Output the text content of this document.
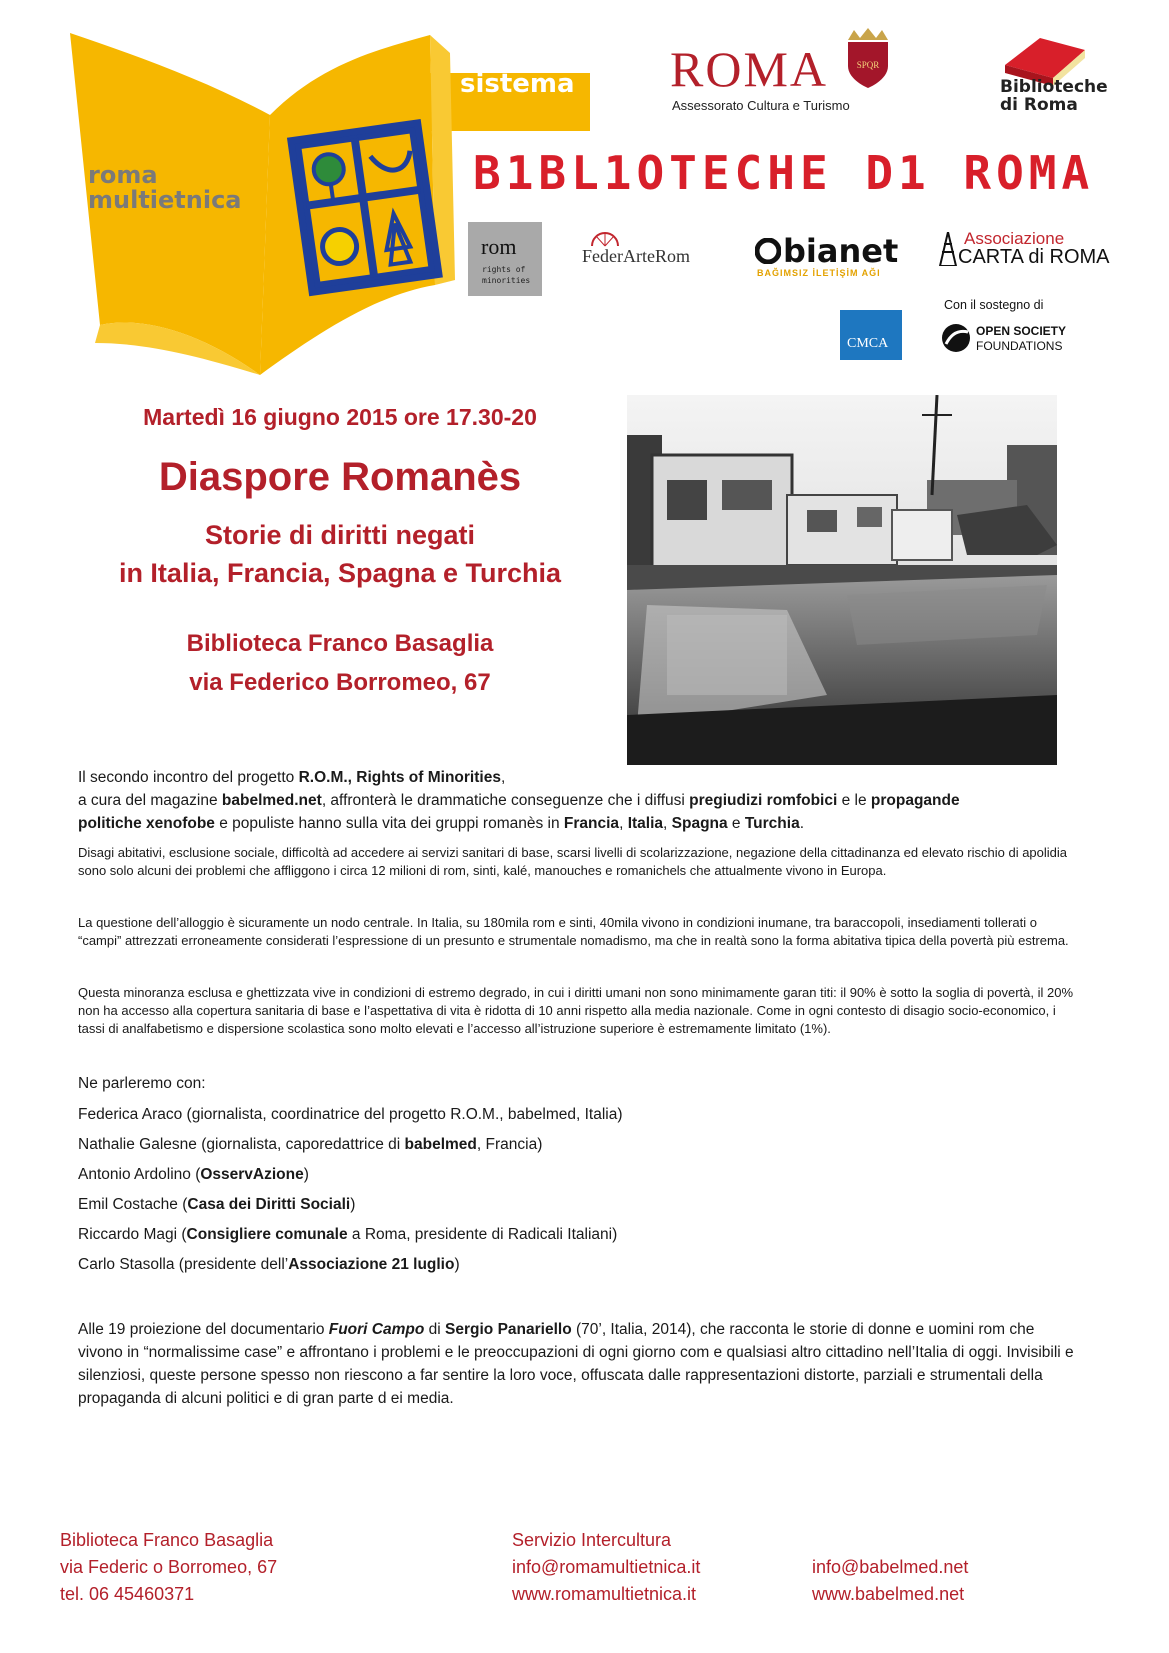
sistema
roma
multietnica
ROMA	SPQR
Assessorato Cultura e Turismo
Biblioteche
di Roma
B1BL1OTECHE D1 ROMA
rom
rights of
minorities
FederArteRom	bianet
BAĞIMSIZ İLETİŞİM AĞI
Associazione
CARTA di ROMA
Con il sostegno di
CMCA
OPEN SOCIETY
FOUNDATIONS
Martedì 16 giugno 2015 ore 17.30-20
Diaspore Romanès
Storie di diritti negati
in Italia, Francia, Spagna e Turchia
Biblioteca Franco Basaglia
via Federico Borromeo, 67
Il secondo incontro del progetto R.O.M., Rights of Minorities,
a cura del magazine babelmed.net, affronterà le drammatiche conseguenze che i diffusi pregiudizi romfobici e le propagande
politiche xenofobe e populiste hanno sulla vita dei gruppi romanès in Francia, Italia, Spagna e Turchia.
Disagi abitativi, esclusione sociale, difficoltà ad accedere ai servizi sanitari di base, scarsi livelli di scolarizzazione, negazione della cittadinanza ed elevato rischio di apolidia sono solo alcuni dei problemi che affliggono i circa 12 milioni di rom, sinti, kalé, manouches e romanichels che attualmente vivono in Europa.
La questione dell’alloggio è sicuramente un nodo centrale. In Italia, su 180mila rom e sinti, 40mila vivono in condizioni inumane, tra baraccopoli, insediamenti tollerati o “campi” attrezzati erroneamente considerati l’espressione di un presunto e strumentale nomadismo, ma che in realtà sono la forma abitativa tipica della povertà più estrema.
Questa minoranza esclusa e ghettizzata vive in condizioni di estremo degrado, in cui i diritti umani non sono minimamente garan titi: il 90% è sotto la soglia di povertà, il 20% non ha accesso alla copertura sanitaria di base e l’aspettativa di vita è ridotta di 10 anni rispetto alla media nazionale. Come in ogni contesto di disagio socio-economico, i tassi di analfabetismo e dispersione scolastica sono molto elevati e l’accesso all’istruzione superiore è estremamente limitato (1%).
Ne parleremo con:
Federica Araco (giornalista, coordinatrice del progetto R.O.M., babelmed, Italia)
Nathalie Galesne (giornalista, caporedattrice di babelmed, Francia)
Antonio Ardolino (OsservAzione)
Emil Costache (Casa dei Diritti Sociali)
Riccardo Magi (Consigliere comunale a Roma, presidente di Radicali Italiani)
Carlo Stasolla (presidente dell’Associazione 21 luglio)
Alle 19 proiezione del documentario Fuori Campo di Sergio Panariello (70’, Italia, 2014), che racconta le storie di donne e uomini rom che vivono in “normalissime case” e affrontano i problemi e le preoccupazioni di ogni giorno com e qualsiasi altro cittadino nell’Italia di oggi. Invisibili e silenziosi, queste persone spesso non riescono a far sentire la loro voce, offuscata dalle rappresentazioni distorte, parziali e strumentali della propaganda di alcuni politici e di gran parte d ei media.
Biblioteca Franco Basaglia
via Federic o Borromeo, 67
tel. 06 45460371
Servizio Intercultura
info@romamultietnica.it
www.romamultietnica.it
info@babelmed.net
www.babelmed.net
